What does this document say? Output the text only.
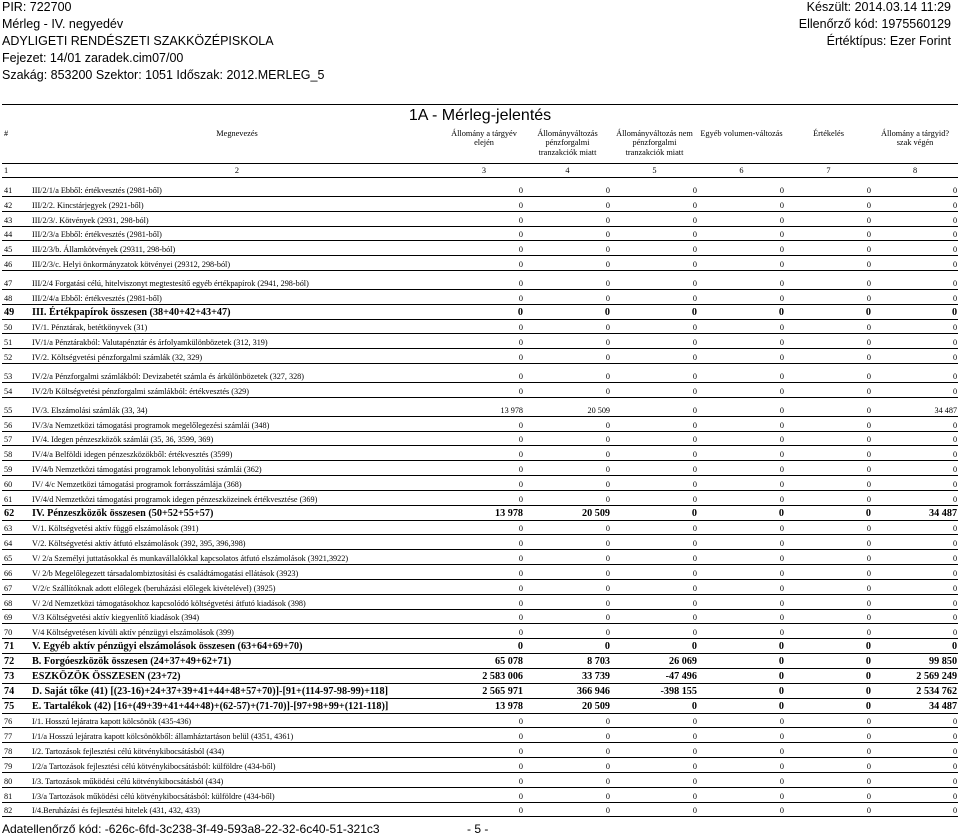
PIR: 722700
Mérleg - IV. negyedév
ADYLIGETI RENDÉSZETI SZAKKÖZÉPISKOLA
Fejezet: 14/01 zaradek.cim07/00
Szakág: 853200 Szektor: 1051 Időszak: 2012.MERLEG_5
Készült: 2014.03.14 11:29
Ellenőrző kód: 1975560129
Értéktípus: Ezer Forint
1A - Mérleg-jelentés							
#	Megnevezés	Állomány a tárgyév elején	Állományváltozás pénzforgalmi tranzakciók miatt	Állományváltozás nem pénzforgalmi tranzakciók miatt	Egyéb volumen-változás	Értékelés	Állomány a tárgyid?szak végén
1	2	3	4	5	6	7	8

41	III/2/1/a Ebből: értékvesztés (2981-ből)	0	0	0	0	0	0
42	III/2/2. Kincstárjegyek (2921-ből)	0	0	0	0	0	0
43	III/2/3/. Kötvények (2931, 298-ból)	0	0	0	0	0	0
44	III/2/3/a Ebből: értékvesztés (2981-ből)	0	0	0	0	0	0
45	III/2/3/b. Államkötvények (29311, 298-ból)	0	0	0	0	0	0
46	III/2/3/c. Helyi önkormányzatok kötvényei (29312, 298-ból)	0	0	0	0	0	0

47	III/2/4 Forgatási célú, hitelviszonyt megtestesítő egyéb értékpapírok (2941, 298-ból)	0	0	0	0	0	0
48	III/2/4/a Ebből: értékvesztés (2981-ből)	0	0	0	0	0	0
49	III. Értékpapírok összesen (38+40+42+43+47)	0	0	0	0	0	0
50	IV/1. Pénztárak, betétkönyvek (31)	0	0	0	0	0	0
51	IV/1/a Pénztárakból: Valutapénztár és árfolyamkülönbözetek (312, 319)	0	0	0	0	0	0
52	IV/2. Költségvetési pénzforgalmi számlák (32, 329)	0	0	0	0	0	0

53	IV/2/a Pénzforgalmi számlákból: Devizabetét számla és árkülönbözetek (327, 328)	0	0	0	0	0	0
54	IV/2/b Költségvetési pénzforgalmi számlákból: értékvesztés (329)	0	0	0	0	0	0

55	IV/3. Elszámolási számlák (33, 34)	13 978	20 509	0	0	0	34 487
56	IV/3/a Nemzetközi támogatási programok megelőlegezési számlái (348)	0	0	0	0	0	0
57	IV/4. Idegen pénzeszközök számlái (35, 36, 3599, 369)	0	0	0	0	0	0
58	IV/4/a Belföldi idegen pénzeszközökből: értékvesztés (3599)	0	0	0	0	0	0
59	IV/4/b Nemzetközi támogatási programok lebonyolítási számlái (362)	0	0	0	0	0	0
60	IV/ 4/c Nemzetközi támogatási programok forrásszámlája (368)	0	0	0	0	0	0
61	IV/4/d Nemzetközi támogatási programok idegen pénzeszközeinek értékvesztése (369)	0	0	0	0	0	0
62	IV. Pénzeszközök összesen (50+52+55+57)	13 978	20 509	0	0	0	34 487
63	V/1. Költségvetési aktív függő elszámolások (391)	0	0	0	0	0	0
64	V/2. Költségvetési aktív átfutó elszámolások (392, 395, 396,398)	0	0	0	0	0	0
65	V/ 2/a Személyi juttatásokkal és munkavállalókkal kapcsolatos átfutó elszámolások (3921,3922)	0	0	0	0	0	0
66	V/ 2/b Megelőlegezett társadalombiztosítási és családtámogatási ellátások (3923)	0	0	0	0	0	0
67	V/2/c Szállítóknak adott előlegek (beruházási előlegek kivételével) (3925)	0	0	0	0	0	0
68	V/ 2/d Nemzetközi támogatásokhoz kapcsolódó költségvetési átfutó kiadások (398)	0	0	0	0	0	0
69	V/3 Költségvetési aktív kiegyenlítő kiadások (394)	0	0	0	0	0	0
70	V/4 Költségvetésen kívüli aktív pénzügyi elszámolások (399)	0	0	0	0	0	0
71	V. Egyéb aktív pénzügyi elszámolások összesen (63+64+69+70)	0	0	0	0	0	0
72	B. Forgóeszközök összesen (24+37+49+62+71)	65 078	8 703	26 069	0	0	99 850
73	ESZKÖZÖK ÖSSZESEN (23+72)	2 583 006	33 739	-47 496	0	0	2 569 249
74	D. Saját tőke (41) [(23-16)+24+37+39+41+44+48+57+70)]-[91+(114-97-98-99)+118]	2 565 971	366 946	-398 155	0	0	2 534 762
75	E. Tartalékok (42) [16+(49+39+41+44+48)+(62-57)+(71-70)]-[97+98+99+(121-118)]	13 978	20 509	0	0	0	34 487
76	I/1. Hosszú lejáratra kapott kölcsönök (435-436)	0	0	0	0	0	0
77	I/1/a Hosszú lejáratra kapott kölcsönökből: államháztartáson belül (4351, 4361)	0	0	0	0	0	0
78	I/2. Tartozások fejlesztési célú kötvénykibocsátásból (434)	0	0	0	0	0	0
79	I/2/a Tartozások fejlesztési célú kötvénykibocsátásból: külföldre (434-ből)	0	0	0	0	0	0
80	I/3. Tartozások működési célú kötvénykibocsátásból (434)	0	0	0	0	0	0
81	I/3/a Tartozások működési célú kötvénykibocsátásból: külföldre (434-ből)	0	0	0	0	0	0
82	I/4.Beruházási és fejlesztési hitelek (431, 432, 433)	0	0	0	0	0	0
Adatellenőrző kód: -626c-6fd-3c238-3f-49-593a8-22-32-6c40-51-321c3	- 5 -
